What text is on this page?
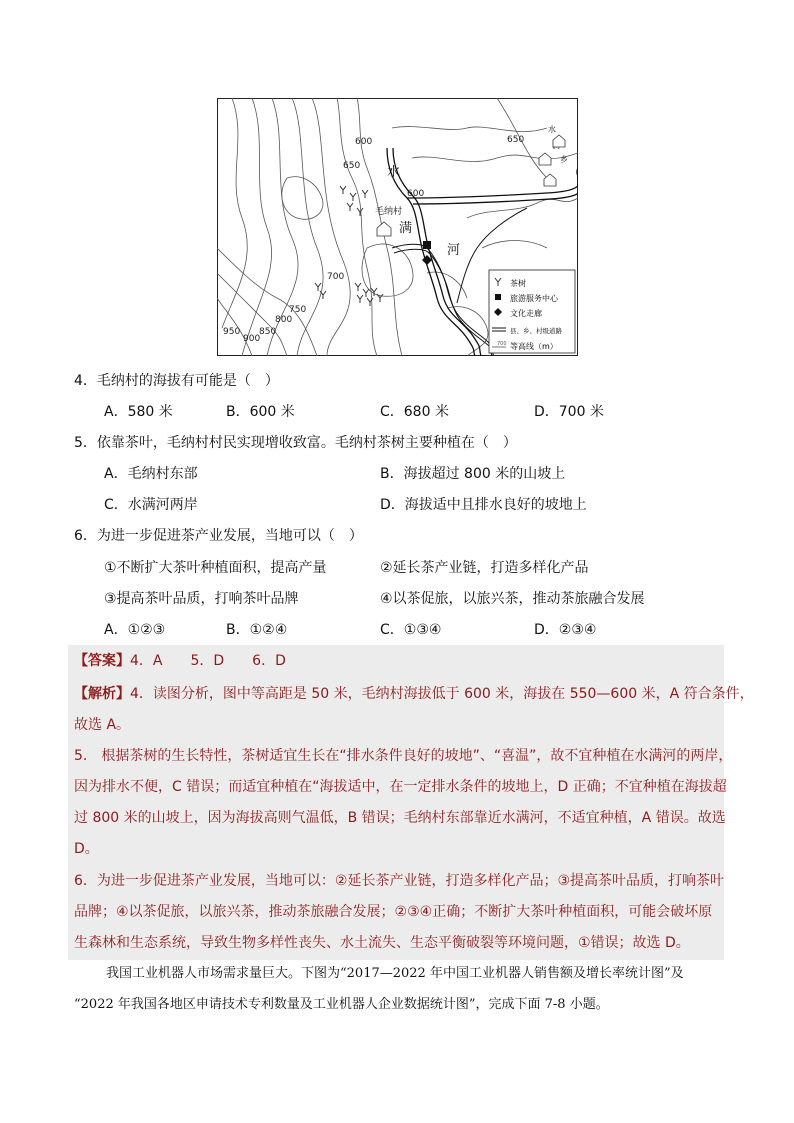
600
650
600
650
700
750
800
950
900
850
水
满
河
水
乡
毛纳村
茶树
旅游服务中心
文化走廊
县、乡、村级道路
700 等高线（m）
4．毛纳村的海拔有可能是（　）
A．580 米	B．600 米	C．680 米	D．700 米
5．依靠茶叶，毛纳村村民实现增收致富。毛纳村茶树主要种植在（　）
A．毛纳村东部	B．海拔超过 800 米的山坡上
C．水满河两岸	D．海拔适中且排水良好的坡地上
6．为进一步促进茶产业发展，当地可以（　）
①不断扩大茶叶种植面积，提高产量	②延长茶产业链，打造多样化产品
③提高茶叶品质，打响茶叶品牌	④以茶促旅，以旅兴茶，推动茶旅融合发展
A．①②③	B．①②④	C．①③④	D．②③④
【答案】4．A　　5．D　　6．D
【解析】4．读图分析，图中等高距是 50 米，毛纳村海拔低于 600 米，海拔在 550—600 米，A 符合条件，
故选 A。
5.　根据茶树的生长特性，茶树适宜生长在“排水条件良好的坡地”、“喜温”，故不宜种植在水满河的两岸，
因为排水不便，C 错误；而适宜种植在“海拔适中，在一定排水条件的坡地上，D 正确；不宜种植在海拔超
过 800 米的山坡上，因为海拔高则气温低，B 错误；毛纳村东部靠近水满河，不适宜种植，A 错误。故选
D。
6．为进一步促进茶产业发展，当地可以：②延长茶产业链，打造多样化产品；③提高茶叶品质，打响茶叶
品牌；④以茶促旅，以旅兴茶，推动茶旅融合发展；②③④正确；不断扩大茶叶种植面积，可能会破坏原
生森林和生态系统，导致生物多样性丧失、水土流失、生态平衡破裂等环境问题，①错误；故选 D。
我国工业机器人市场需求量巨大。下图为“2017—2022 年中国工业机器人销售额及增长率统计图”及
“2022 年我国各地区申请技术专利数量及工业机器人企业数据统计图”，完成下面 7-8 小题。
